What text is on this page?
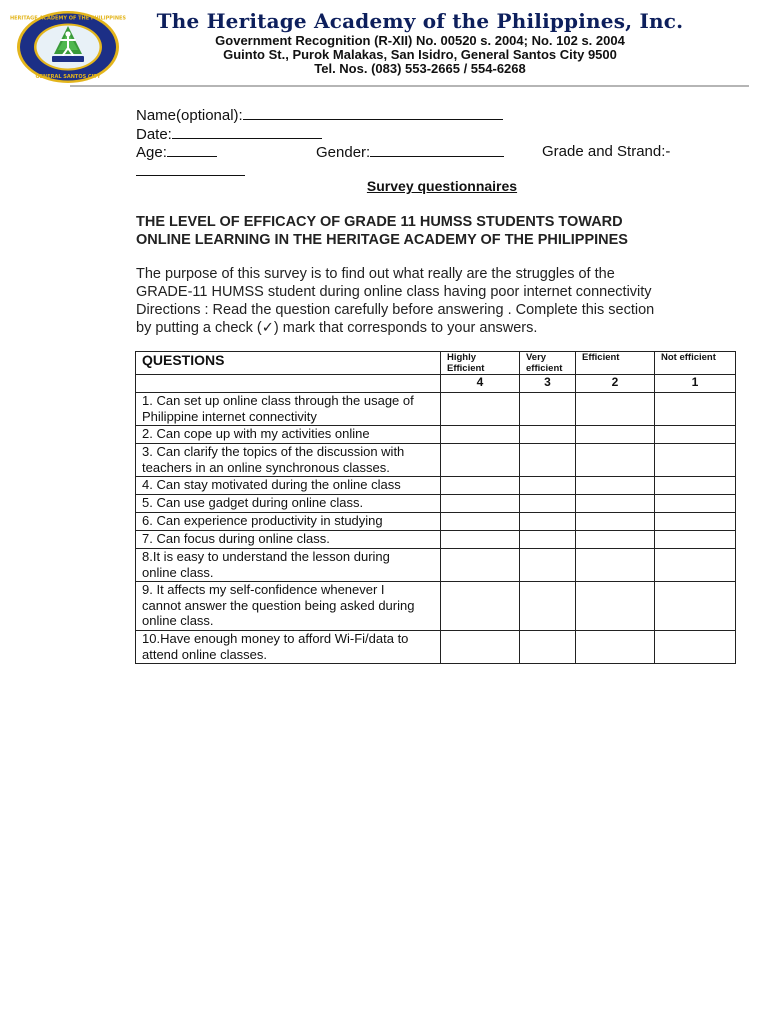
HERITAGE ACADEMY OF THE PHILIPPINES
GENERAL SANTOS CITY
The Heritage Academy of the Philippines, Inc.
Government Recognition (R-XII) No. 00520 s. 2004; No. 102 s. 2004
Guinto St., Purok Malakas, San Isidro, General Santos City 9500
Tel. Nos. (083) 553-2665 / 554-6268
Name(optional):
Date:
Age:	Gender:	Grade and Strand:-
Survey questionnaires
THE LEVEL OF EFFICACY OF GRADE 11 HUMSS STUDENTS TOWARD
ONLINE LEARNING IN THE HERITAGE ACADEMY OF THE PHILIPPINES
The purpose of this survey is to find out what really are the struggles of the
GRADE-11 HUMSS student during online class having poor internet connectivity
Directions : Read the question carefully before answering . Complete this section
by putting a check (✓) mark that corresponds to your answers.
QUESTIONS	Highly Efficient	Very efficient	Efficient	Not efficient
	4	3	2	1

1. Can set up online class through the usage of
Philippine internet connectivity				

2. Can cope up with my activities online				

3. Can clarify the topics of the discussion with
teachers in an online synchronous classes.				

4. Can stay motivated during the online class				

5. Can use gadget during online class.				

6. Can experience productivity in studying				

7. Can focus during online class.				

8.It is easy to understand the lesson during
online class.				

9. It affects my self-confidence whenever I
cannot answer the question being asked during
online class.				

10.Have enough money to afford Wi-Fi/data to
attend online classes.				
